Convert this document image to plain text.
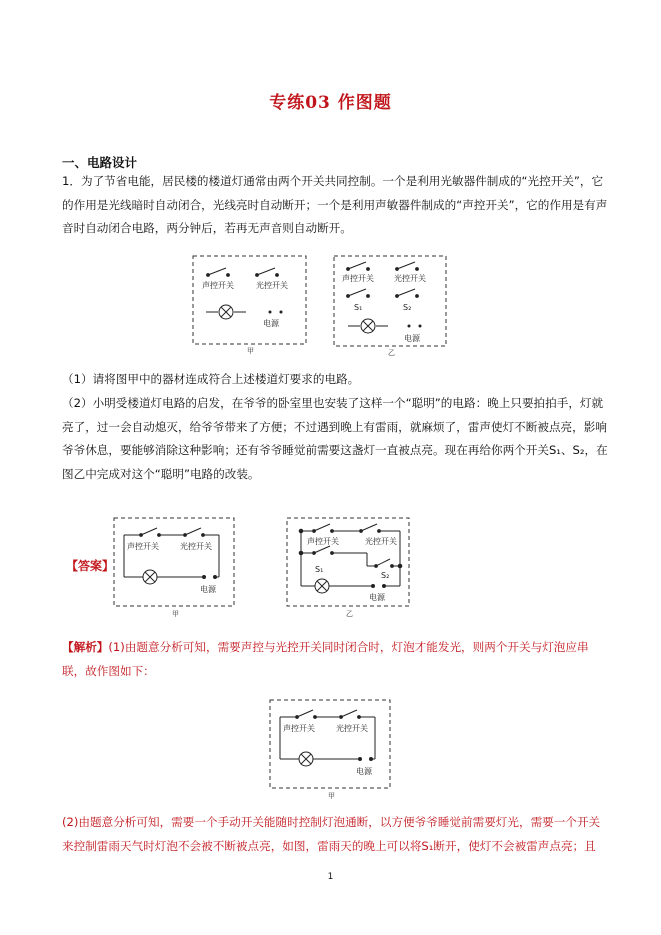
专练03 作图题
一、电路设计
1．为了节省电能，居民楼的楼道灯通常由两个开关共同控制。一个是利用光敏器件制成的“光控开关”，它的作用是光线暗时自动闭合，光线亮时自动断开；一个是利用声敏器件制成的“声控开关”，它的作用是有声音时自动闭合电路，两分钟后，若再无声音则自动断开。
声控开关	光控开关
电源
甲
声控开关	光控开关
S₁	S₂
电源
乙
（1）请将图甲中的器材连成符合上述楼道灯要求的电路。
（2）小明受楼道灯电路的启发，在爷爷的卧室里也安装了这样一个“聪明”的电路：晚上只要拍拍手，灯就亮了，过一会自动熄灭，给爷爷带来了方便；不过遇到晚上有雷雨，就麻烦了，雷声使灯不断被点亮，影响爷爷休息，要能够消除这种影响；还有爷爷睡觉前需要这盏灯一直被点亮。现在再给你两个开关S₁、S₂，在图乙中完成对这个“聪明”电路的改装。
【答案】
声控开关	光控开关
电源
甲
声控开关	光控开关
S₁
S₂
电源
乙
【解析】(1)由题意分析可知，需要声控与光控开关同时闭合时，灯泡才能发光，则两个开关与灯泡应串联，故作图如下：
声控开关	光控开关
电源
甲
(2)由题意分析可知，需要一个手动开关能随时控制灯泡通断，以方便爷爷睡觉前需要灯光，需要一个开关来控制雷雨天气时灯泡不会被不断被点亮，如图，雷雨天的晚上可以将S₁断开，使灯不会被雷声点亮；且
1
